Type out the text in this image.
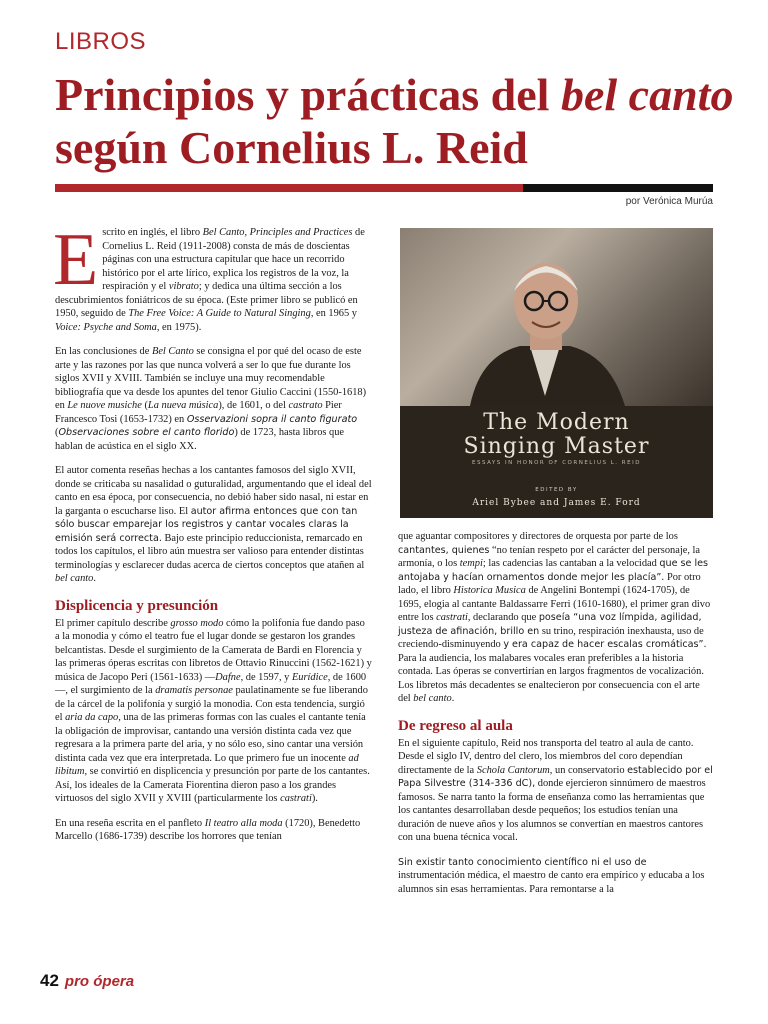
LIBROS
Principios y prácticas del bel canto según Cornelius L. Reid
por Verónica Murúa

Escrito en inglés, el libro Bel Canto, Principles and Practices de Cornelius L. Reid (1911-2008) consta de más de doscientas páginas con una estructura capitular que hace un recorrido histórico por el arte lírico, explica los registros de la voz, la respiración y el vibrato; y dedica una última sección a los descubrimientos foniátricos de su época. (Este primer libro se publicó en 1950, seguido de The Free Voice: A Guide to Natural Singing, en 1965 y Voice: Psyche and Soma, en 1975).

En las conclusiones de Bel Canto se consigna el por qué del ocaso de este arte y las razones por las que nunca volverá a ser lo que fue durante los siglos XVII y XVIII. También se incluye una muy recomendable bibliografía que va desde los apuntes del tenor Giulio Caccini (1550-1618) en Le nuove musiche (La nueva música), de 1601, o del castrato Pier Francesco Tosi (1653-1732) en Osservazioni sopra il canto figurato (Observaciones sobre el canto florido) de 1723, hasta libros que hablan de acústica en el siglo XX.

El autor comenta reseñas hechas a los cantantes famosos del siglo XVII, donde se criticaba su nasalidad o guturalidad, argumentando que el ideal del canto en esa época, por consecuencia, no debió haber sido nasal, ni estar en la garganta o escucharse liso. El autor afirma entonces que con tan sólo buscar emparejar los registros y cantar vocales claras la emisión será correcta. Bajo este principio reduccionista, remarcado en todos los capítulos, el libro aún muestra ser valioso para entender distintas terminologías y esclarecer dudas acerca de ciertos conceptos que atañen al bel canto.

Displicencia y presunción

El primer capítulo describe grosso modo cómo la polifonía fue dando paso a la monodia y cómo el teatro fue el lugar donde se gestaron los grandes belcantistas. Desde el surgimiento de la Camerata de Bardi en Florencia y las primeras óperas escritas con libretos de Ottavio Rinuccini (1562-1621) y música de Jacopo Peri (1561-1633) —Dafne, de 1597, y Eurídice, de 1600—, el surgimiento de la dramatis personae paulatinamente se fue liberando de la cárcel de la polifonía y surgió la monodia. Con esta tendencia, surgió el aria da capo, una de las primeras formas con las cuales el cantante tenía la obligación de improvisar, cantando una versión distinta cada vez que regresara a la primera parte del aria, y no sólo eso, sino cantar una versión distinta cada vez que era interpretada. Lo que primero fue un inocente ad libitum, se convirtió en displicencia y presunción por parte de los cantantes. Así, los ideales de la Camerata Fiorentina dieron paso a los grandes virtuosos del siglo XVII y XVIII (particularmente los castrati).

En una reseña escrita en el panfleto Il teatro alla moda (1720), Benedetto Marcello (1686-1739) describe los horrores que tenían

The Modern
Singing Master
ESSAYS IN HONOR OF CORNELIUS L. REID
EDITED BY
Ariel Bybee and James E. Ford

que aguantar compositores y directores de orquesta por parte de los cantantes, quienes “no tenían respeto por el carácter del personaje, la armonía, o los tempi; las cadencias las cantaban a la velocidad que se les antojaba y hacían ornamentos donde mejor les placía”. Por otro lado, el libro Historica Musica de Angelini Bontempi (1624-1705), de 1695, elogia al cantante Baldassarre Ferri (1610-1680), el primer gran divo entre los castrati, declarando que poseía “una voz límpida, agilidad, justeza de afinación, brillo en su trino, respiración inexhausta, uso de creciendo-disminuyendo y era capaz de hacer escalas cromáticas”. Para la audiencia, los malabares vocales eran preferibles a la historia contada. Las óperas se convertirían en largos fragmentos de vocalización. Los libretos más decadentes se enaltecieron por consecuencia con el arte del bel canto.

De regreso al aula

En el siguiente capítulo, Reid nos transporta del teatro al aula de canto. Desde el siglo IV, dentro del clero, los miembros del coro dependían directamente de la Schola Cantorum, un conservatorio establecido por el Papa Silvestre (314-336 dC), donde ejercieron sinnúmero de maestros famosos. Se narra tanto la forma de enseñanza como las herramientas que los cantantes desarrollaban desde pequeños; los estudios tenían una duración de nueve años y los alumnos se convertían en maestros cantores con una buena técnica vocal.

Sin existir tanto conocimiento científico ni el uso de instrumentación médica, el maestro de canto era empírico y educaba a los alumnos sin esas herramientas. Para remontarse a la

42 pro ópera
